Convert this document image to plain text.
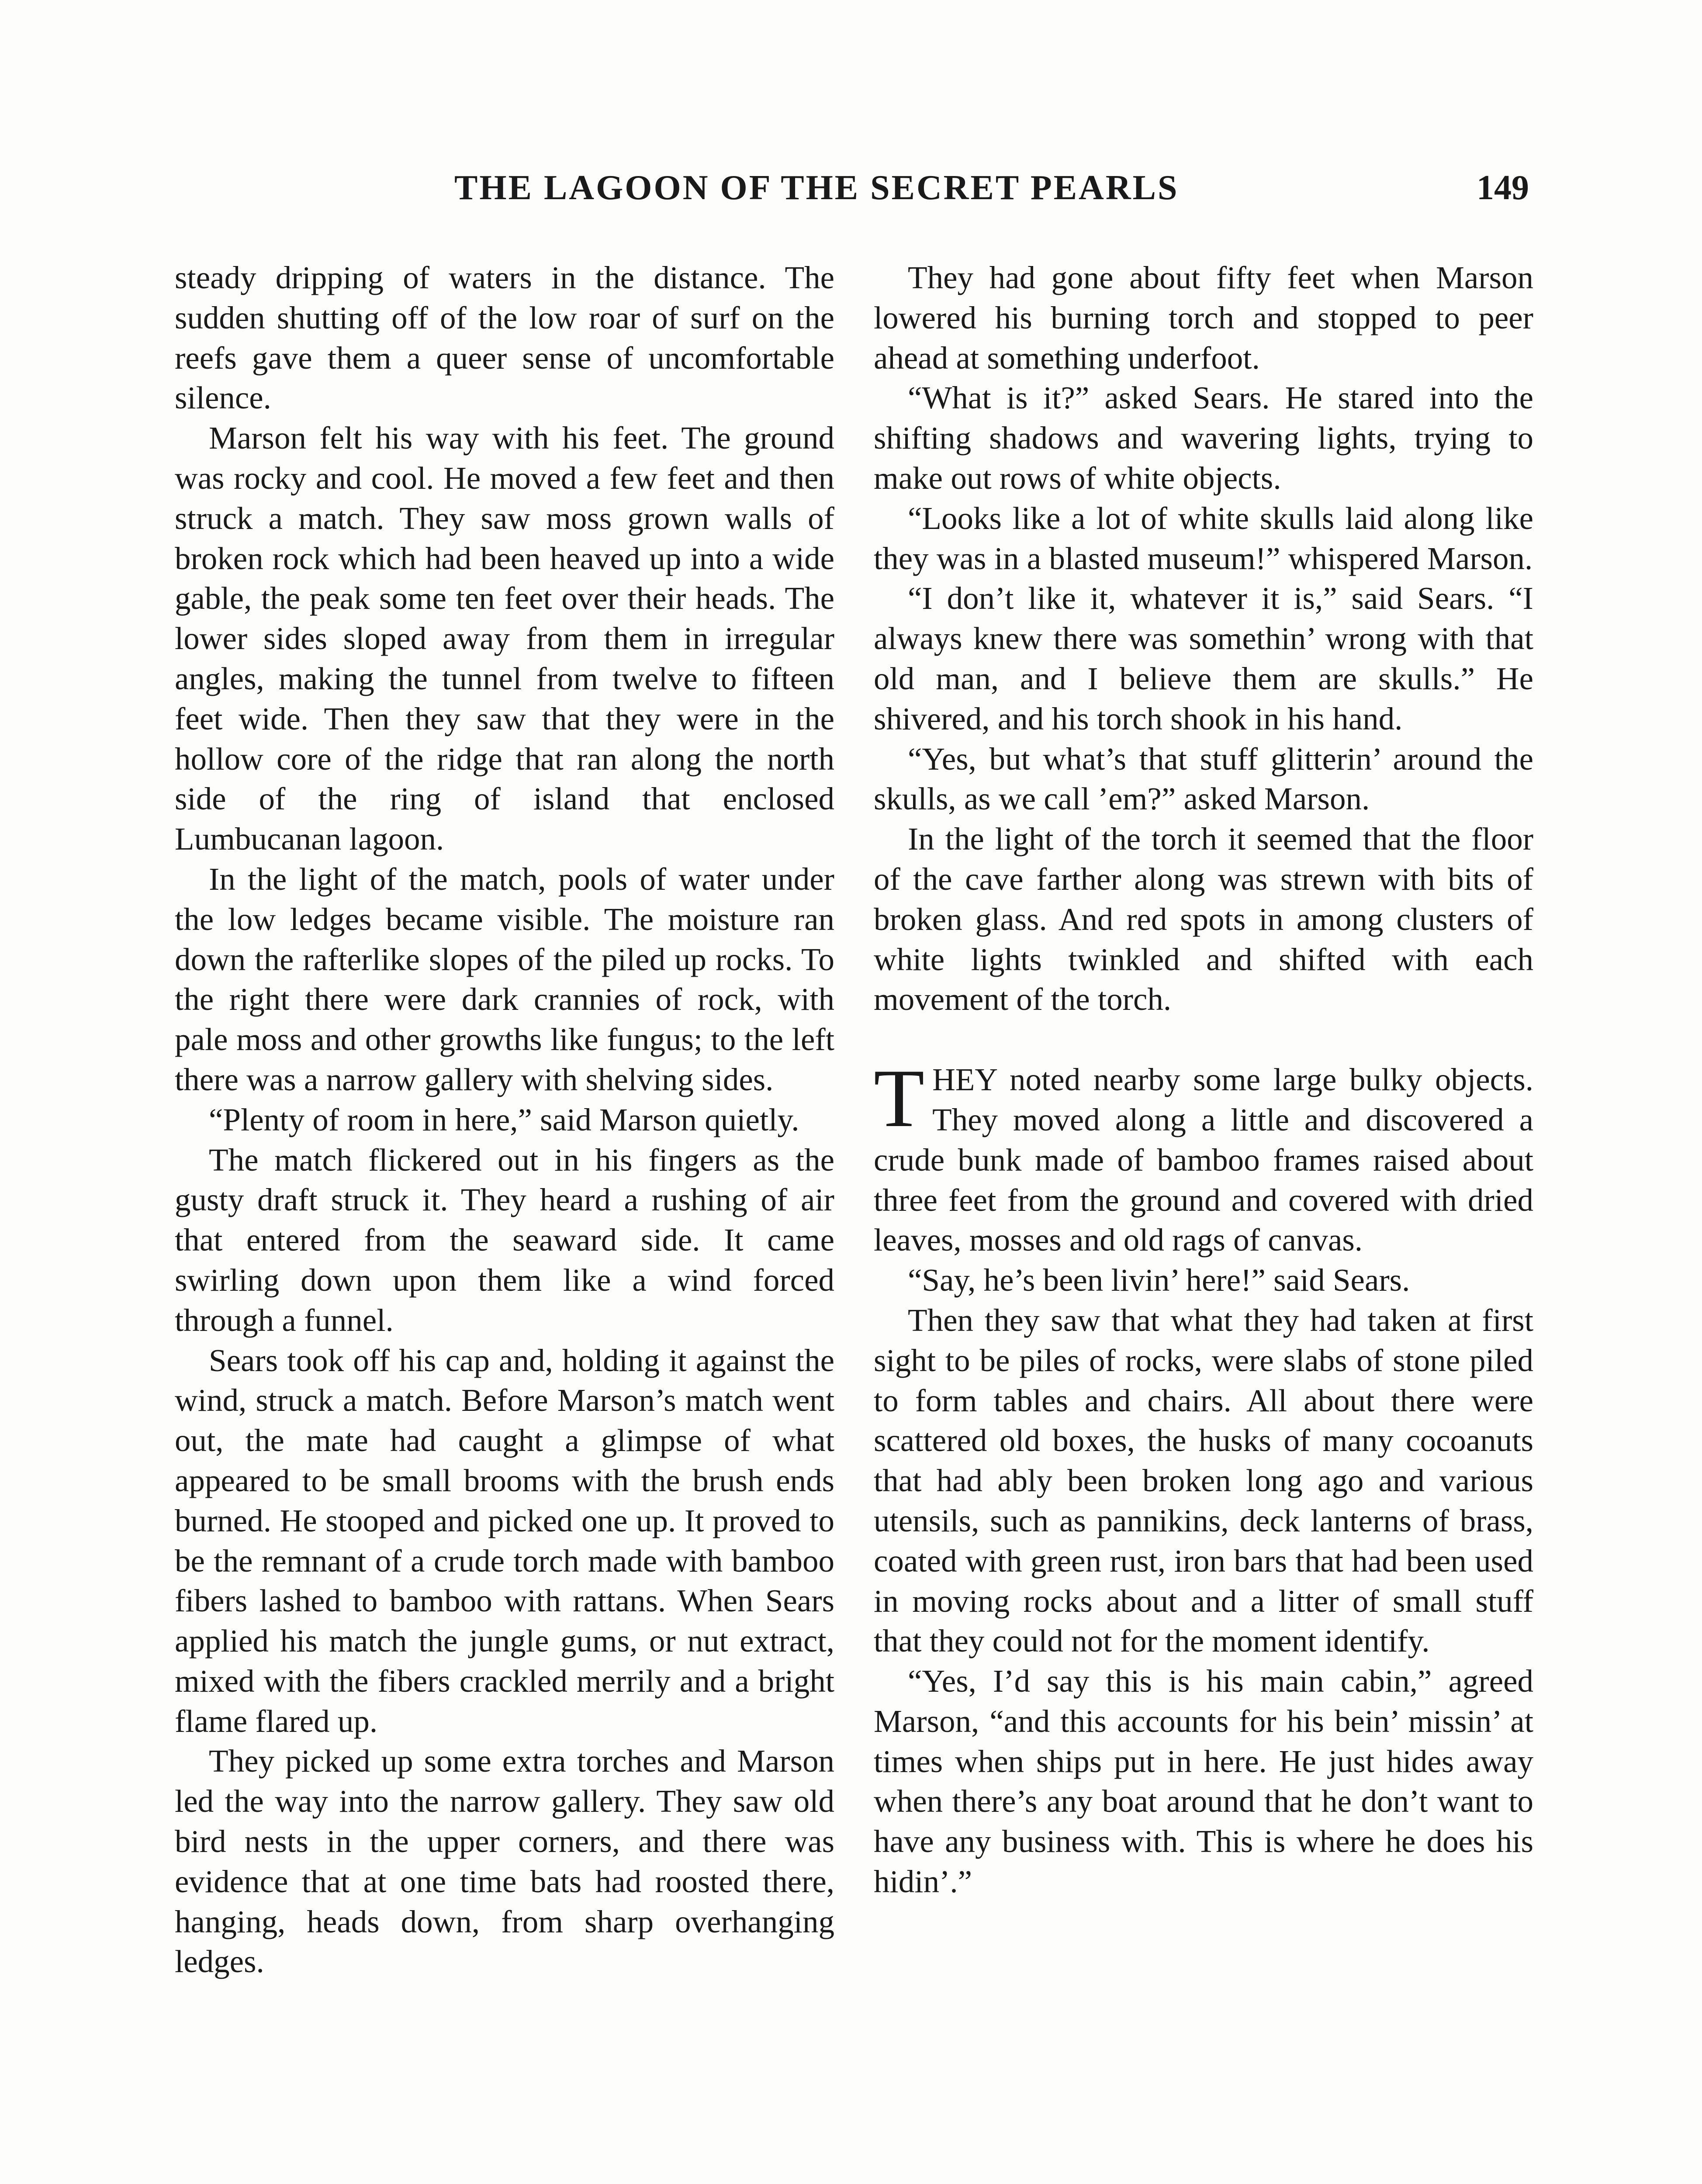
THE LAGOON OF THE SECRET PEARLS	149

steady dripping of waters in the distance. The sudden shutting off of the low roar of surf on the reefs gave them a queer sense of uncomfortable silence.

Marson felt his way with his feet. The ground was rocky and cool. He moved a few feet and then struck a match. They saw moss grown walls of broken rock which had been heaved up into a wide gable, the peak some ten feet over their heads. The lower sides sloped away from them in irregular angles, making the tunnel from twelve to fifteen feet wide. Then they saw that they were in the hollow core of the ridge that ran along the north side of the ring of island that enclosed Lumbucanan lagoon.

In the light of the match, pools of water under the low ledges became visible. The moisture ran down the rafterlike slopes of the piled up rocks. To the right there were dark crannies of rock, with pale moss and other growths like fungus; to the left there was a narrow gallery with shelving sides.

“Plenty of room in here,” said Marson quietly.

The match flickered out in his fingers as the gusty draft struck it. They heard a rushing of air that entered from the seaward side. It came swirling down upon them like a wind forced through a funnel.

Sears took off his cap and, holding it against the wind, struck a match. Before Marson’s match went out, the mate had caught a glimpse of what appeared to be small brooms with the brush ends burned. He stooped and picked one up. It proved to be the remnant of a crude torch made with bamboo fibers lashed to bamboo with rattans. When Sears applied his match the jungle gums, or nut extract, mixed with the fibers crackled merrily and a bright flame flared up.

They picked up some extra torches and Marson led the way into the narrow gallery. They saw old bird nests in the upper corners, and there was evidence that at one time bats had roosted there, hanging, heads down, from sharp overhanging ledges.

They had gone about fifty feet when Marson lowered his burning torch and stopped to peer ahead at something underfoot.

“What is it?” asked Sears. He stared into the shifting shadows and wavering lights, trying to make out rows of white objects.

“Looks like a lot of white skulls laid along like they was in a blasted museum!” whispered Marson.

“I don’t like it, whatever it is,” said Sears. “I always knew there was somethin’ wrong with that old man, and I believe them are skulls.” He shivered, and his torch shook in his hand.

“Yes, but what’s that stuff glitterin’ around the skulls, as we call ’em?” asked Marson.

In the light of the torch it seemed that the floor of the cave farther along was strewn with bits of broken glass. And red spots in among clusters of white lights twinkled and shifted with each movement of the torch.

THEY noted nearby some large bulky objects. They moved along a little and discovered a crude bunk made of bamboo frames raised about three feet from the ground and covered with dried leaves, mosses and old rags of canvas.

“Say, he’s been livin’ here!” said Sears.

Then they saw that what they had taken at first sight to be piles of rocks, were slabs of stone piled to form tables and chairs. All about there were scattered old boxes, the husks of many cocoanuts that had ably been broken long ago and various utensils, such as pannikins, deck lanterns of brass, coated with green rust, iron bars that had been used in moving rocks about and a litter of small stuff that they could not for the moment identify.

“Yes, I’d say this is his main cabin,” agreed Marson, “and this accounts for his bein’ missin’ at times when ships put in here. He just hides away when there’s any boat around that he don’t want to have any business with. This is where he does his hidin’.”
